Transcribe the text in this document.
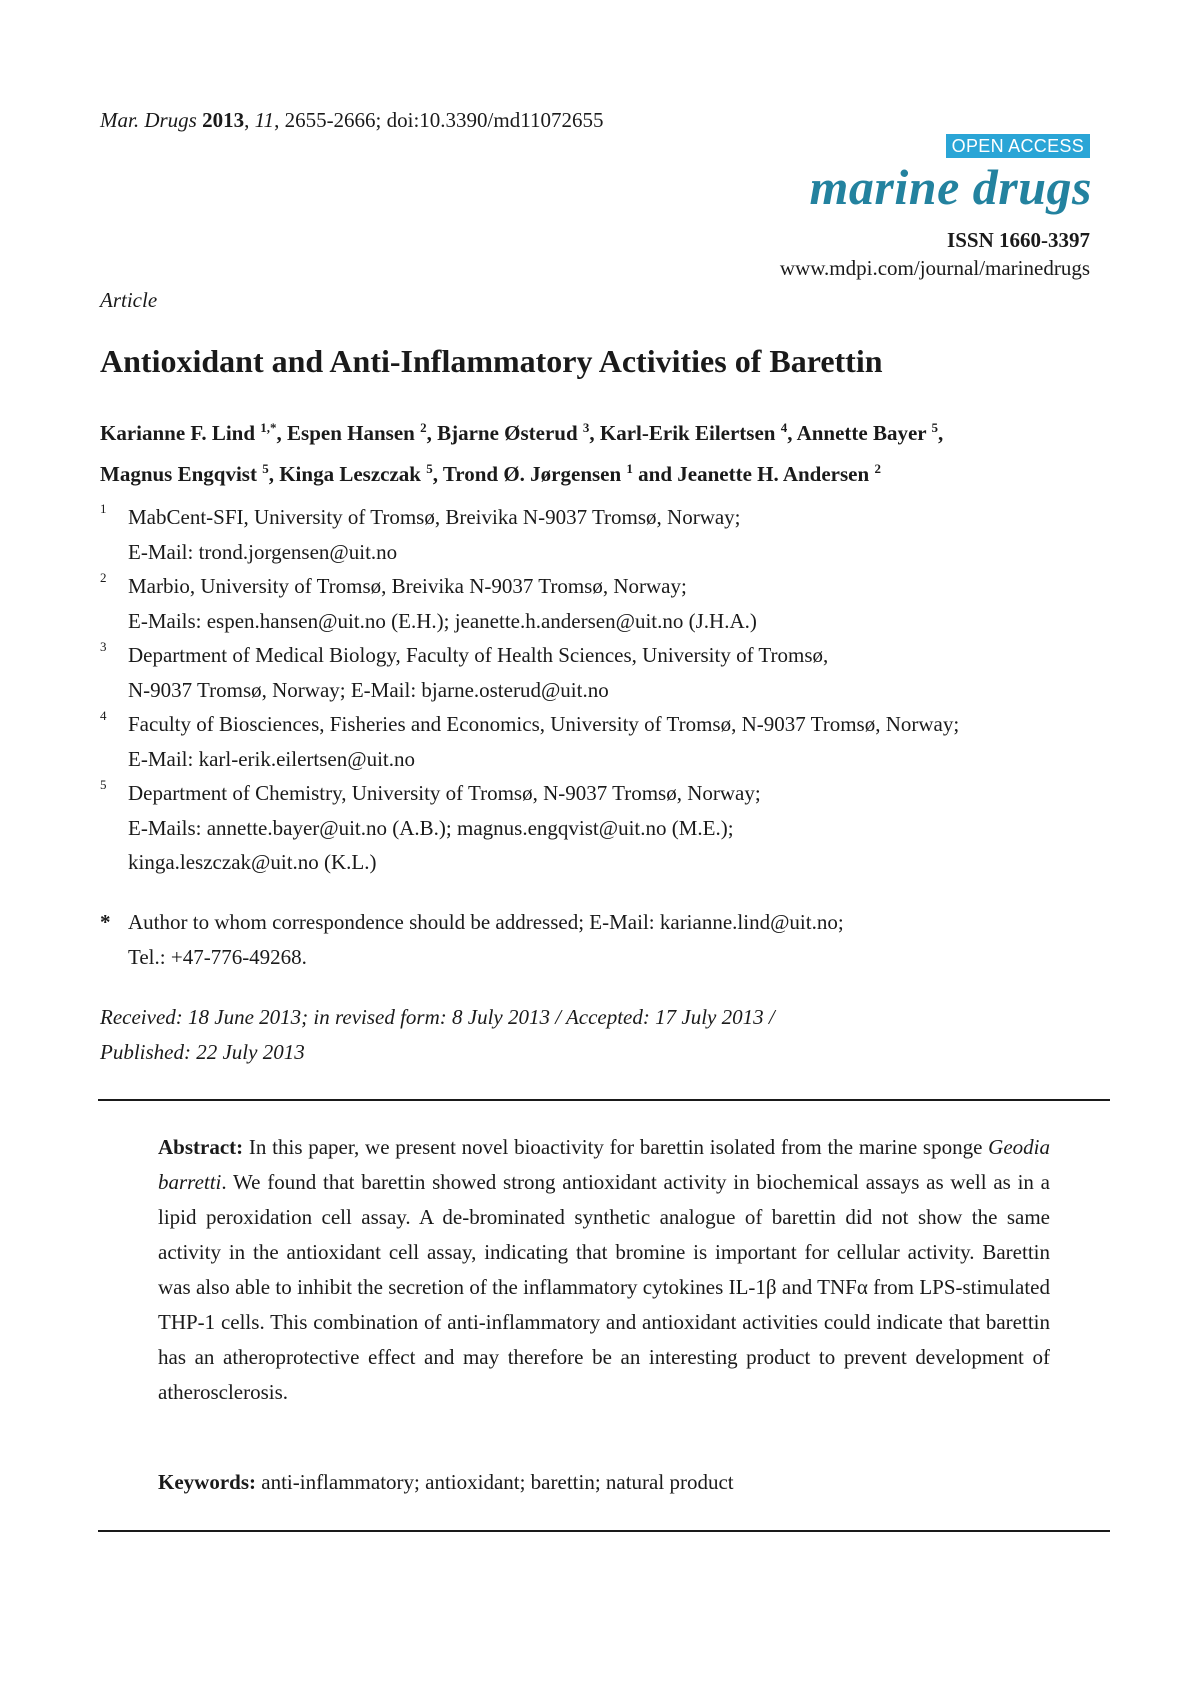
Mar. Drugs 2013, 11, 2655-2666; doi:10.3390/md11072655
OPEN ACCESS
marine drugs
ISSN 1660-3397
www.mdpi.com/journal/marinedrugs
Article
Antioxidant and Anti-Inflammatory Activities of Barettin
Karianne F. Lind $^{1,*}$, Espen Hansen $^2$, Bjarne Østerud $^3$, Karl-Erik Eilertsen $^4$, Annette Bayer $^5$,
Magnus Engqvist $^5$, Kinga Leszczak $^5$, Trond Ø. Jørgensen $^1$ and Jeanette H. Andersen $^2$
1	MabCent-SFI, University of Tromsø, Breivika N-9037 Tromsø, Norway;
E-Mail: trond.jorgensen@uit.no
2	Marbio, University of Tromsø, Breivika N-9037 Tromsø, Norway;
E-Mails: espen.hansen@uit.no (E.H.); jeanette.h.andersen@uit.no (J.H.A.)
3	Department of Medical Biology, Faculty of Health Sciences, University of Tromsø,
N-9037 Tromsø, Norway; E-Mail: bjarne.osterud@uit.no
4	Faculty of Biosciences, Fisheries and Economics, University of Tromsø, N-9037 Tromsø, Norway;
E-Mail: karl-erik.eilertsen@uit.no
5	Department of Chemistry, University of Tromsø, N-9037 Tromsø, Norway;
E-Mails: annette.bayer@uit.no (A.B.); magnus.engqvist@uit.no (M.E.);
kinga.leszczak@uit.no (K.L.)
* Author to whom correspondence should be addressed; E-Mail: karianne.lind@uit.no;
Tel.: +47-776-49268.
Received: 18 June 2013; in revised form: 8 July 2013 / Accepted: 17 July 2013 /
Published: 22 July 2013
Abstract: In this paper, we present novel bioactivity for barettin isolated from the marine sponge Geodia barretti. We found that barettin showed strong antioxidant activity in biochemical assays as well as in a lipid peroxidation cell assay. A de-brominated synthetic analogue of barettin did not show the same activity in the antioxidant cell assay, indicating that bromine is important for cellular activity. Barettin was also able to inhibit the secretion of the inflammatory cytokines IL-1β and TNFα from LPS-stimulated THP-1 cells. This combination of anti-inflammatory and antioxidant activities could indicate that barettin has an atheroprotective effect and may therefore be an interesting product to prevent development of atherosclerosis.
Keywords: anti-inflammatory; antioxidant; barettin; natural product
